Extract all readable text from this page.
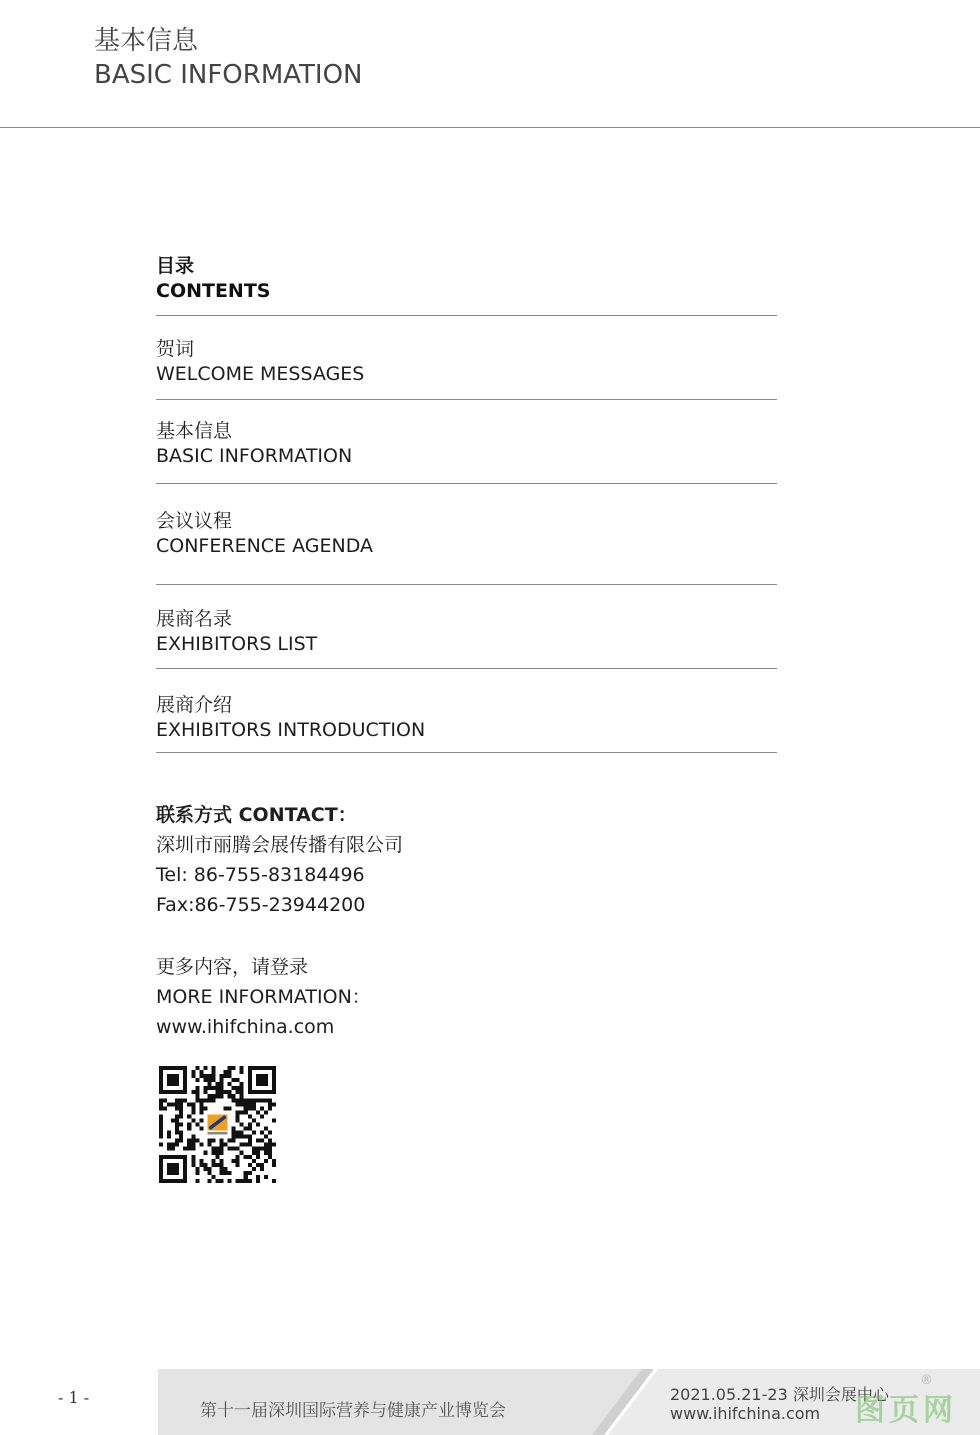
基本信息
BASIC INFORMATION
目录
CONTENTS
贺词
WELCOME MESSAGES
基本信息
BASIC INFORMATION
会议议程
CONFERENCE AGENDA
展商名录
EXHIBITORS LIST
展商介绍
EXHIBITORS INTRODUCTION
联系方式 CONTACT：
深圳市丽腾会展传播有限公司
Tel: 86-755-83184496
Fax:86-755-23944200
更多内容，请登录
MORE INFORMATION：
www.ihifchina.com
- 1 -
第十一届深圳国际营养与健康产业博览会
2021.05.21-23 深圳会展中心
www.ihifchina.com 图页网
®
